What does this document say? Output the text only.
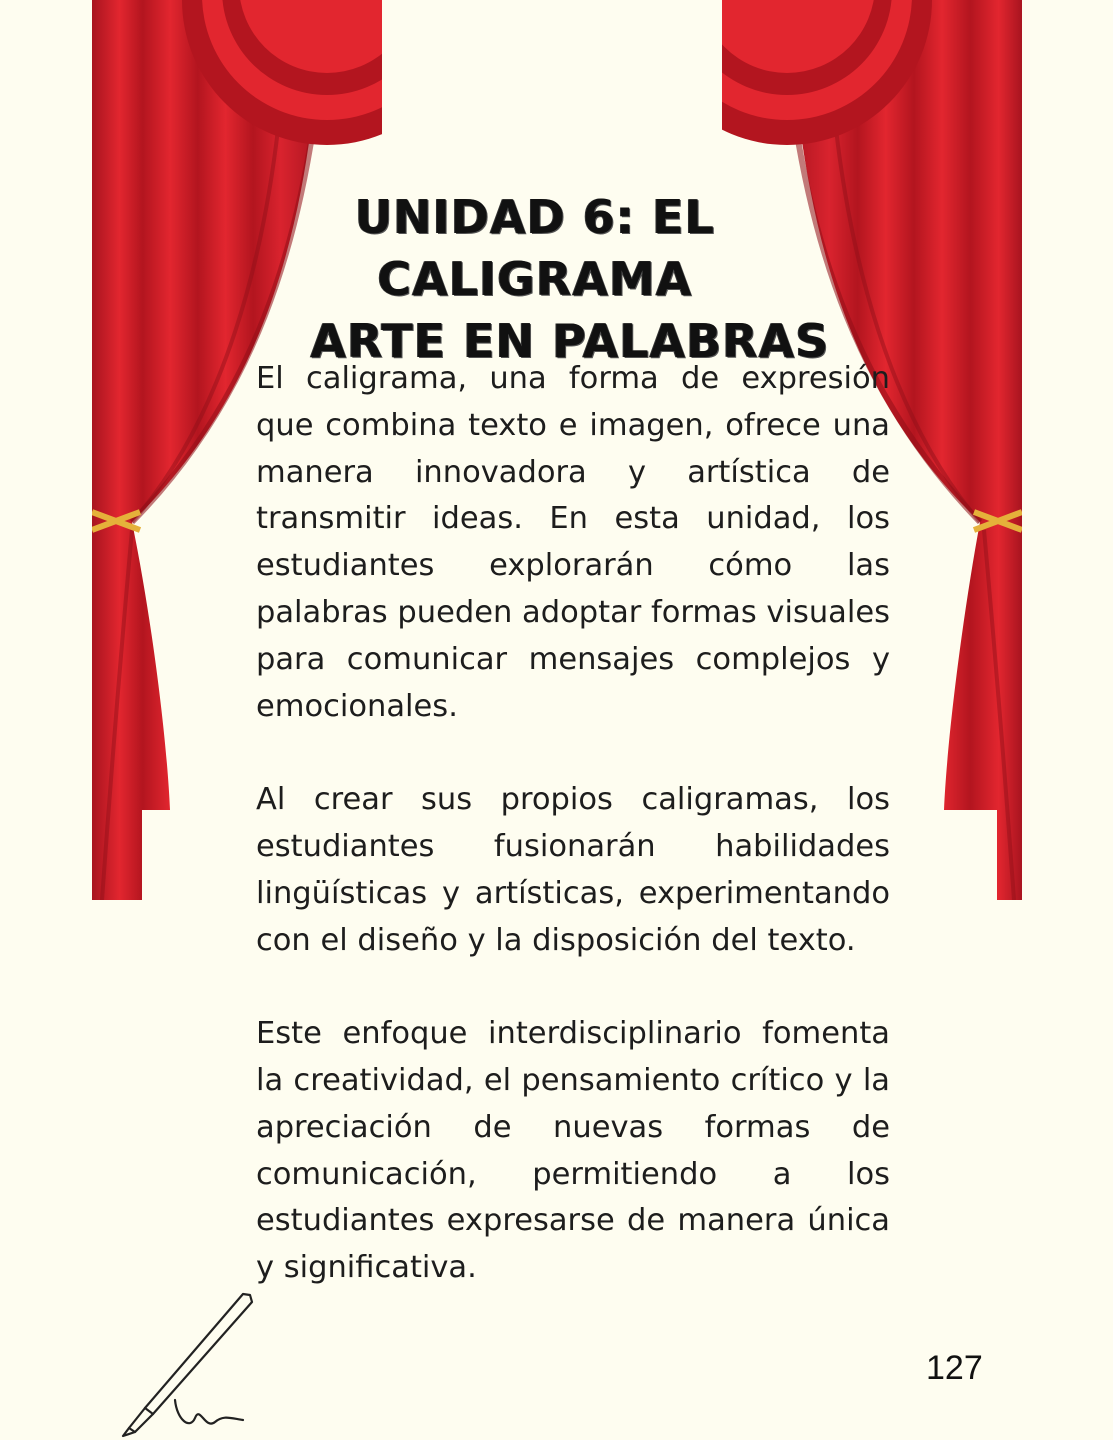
UNIDAD 6: EL CALIGRAMA
ARTE EN PALABRAS

El caligrama, una forma de expresión que combina texto e imagen, ofrece una manera innovadora y artística de transmitir ideas. En esta unidad, los estudiantes explorarán cómo las palabras pueden adoptar formas visuales para comunicar mensajes complejos y emocionales.

Al crear sus propios caligramas, los estudiantes fusionarán habilidades lingüísticas y artísticas, experimentando con el diseño y la disposición del texto.

Este enfoque interdisciplinario fomenta la creatividad, el pensamiento crítico y la apreciación de nuevas formas de comunicación, permitiendo a los estudiantes expresarse de manera única y significativa.

127
